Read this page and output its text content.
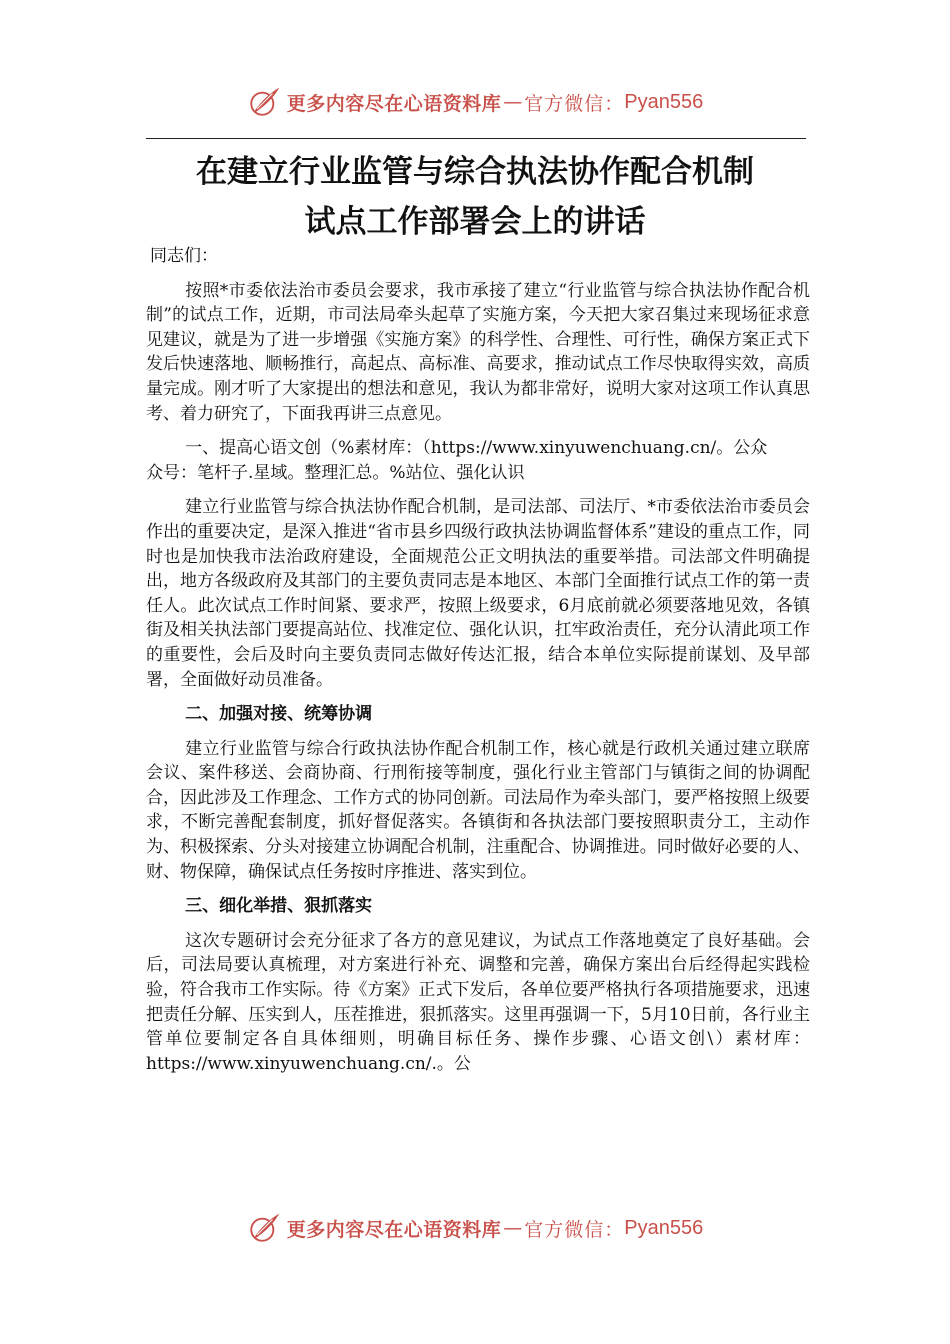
更多内容尽在心语资料库 — 官方微信： Pyan556
在建立行业监管与综合执法协作配合机制
试点工作部署会上的讲话

同志们：

按照*市委依法治市委员会要求，我市承接了建立“行业监管与综合执法协作配合机制”的试点工作，近期，市司法局牵头起草了实施方案，今天把大家召集过来现场征求意见建议，就是为了进一步增强《实施方案》的科学性、合理性、可行性，确保方案正式下发后快速落地、顺畅推行，高起点、高标准、高要求，推动试点工作尽快取得实效，高质量完成。刚才听了大家提出的想法和意见，我认为都非常好，说明大家对这项工作认真思考、着力研究了，下面我再讲三点意见。

一、提高心语文创（%素材库：（https://www.xinyuwenchuang.cn/。公众

众号：笔杆子.星域。整理汇总。%站位、强化认识

建立行业监管与综合执法协作配合机制，是司法部、司法厅、*市委依法治市委员会作出的重要决定，是深入推进“省市县乡四级行政执法协调监督体系”建设的重点工作，同时也是加快我市法治政府建设，全面规范公正文明执法的重要举措。司法部文件明确提出，地方各级政府及其部门的主要负责同志是本地区、本部门全面推行试点工作的第一责任人。此次试点工作时间紧、要求严，按照上级要求，6月底前就必须要落地见效，各镇街及相关执法部门要提高站位、找准定位、强化认识，扛牢政治责任，充分认清此项工作的重要性，会后及时向主要负责同志做好传达汇报，结合本单位实际提前谋划、及早部署，全面做好动员准备。

二、加强对接、统筹协调

建立行业监管与综合行政执法协作配合机制工作，核心就是行政机关通过建立联席会议、案件移送、会商协商、行刑衔接等制度，强化行业主管部门与镇街之间的协调配合，因此涉及工作理念、工作方式的协同创新。司法局作为牵头部门，要严格按照上级要求，不断完善配套制度，抓好督促落实。各镇街和各执法部门要按照职责分工，主动作为、积极探索、分头对接建立协调配合机制，注重配合、协调推进。同时做好必要的人、财、物保障，确保试点任务按时序推进、落实到位。

三、细化举措、狠抓落实

这次专题研讨会充分征求了各方的意见建议，为试点工作落地奠定了良好基础。会后，司法局要认真梳理，对方案进行补充、调整和完善，确保方案出台后经得起实践检验，符合我市工作实际。待《方案》正式下发后，各单位要严格执行各项措施要求，迅速把责任分解、压实到人，压茬推进，狠抓落实。这里再强调一下，5月10日前，各行业主管单位要制定各自具体细则，明确目标任务、操作步骤、心语文创\）素材库：https://www.xinyuwenchuang.cn/.。公

更多内容尽在心语资料库 — 官方微信： Pyan556
